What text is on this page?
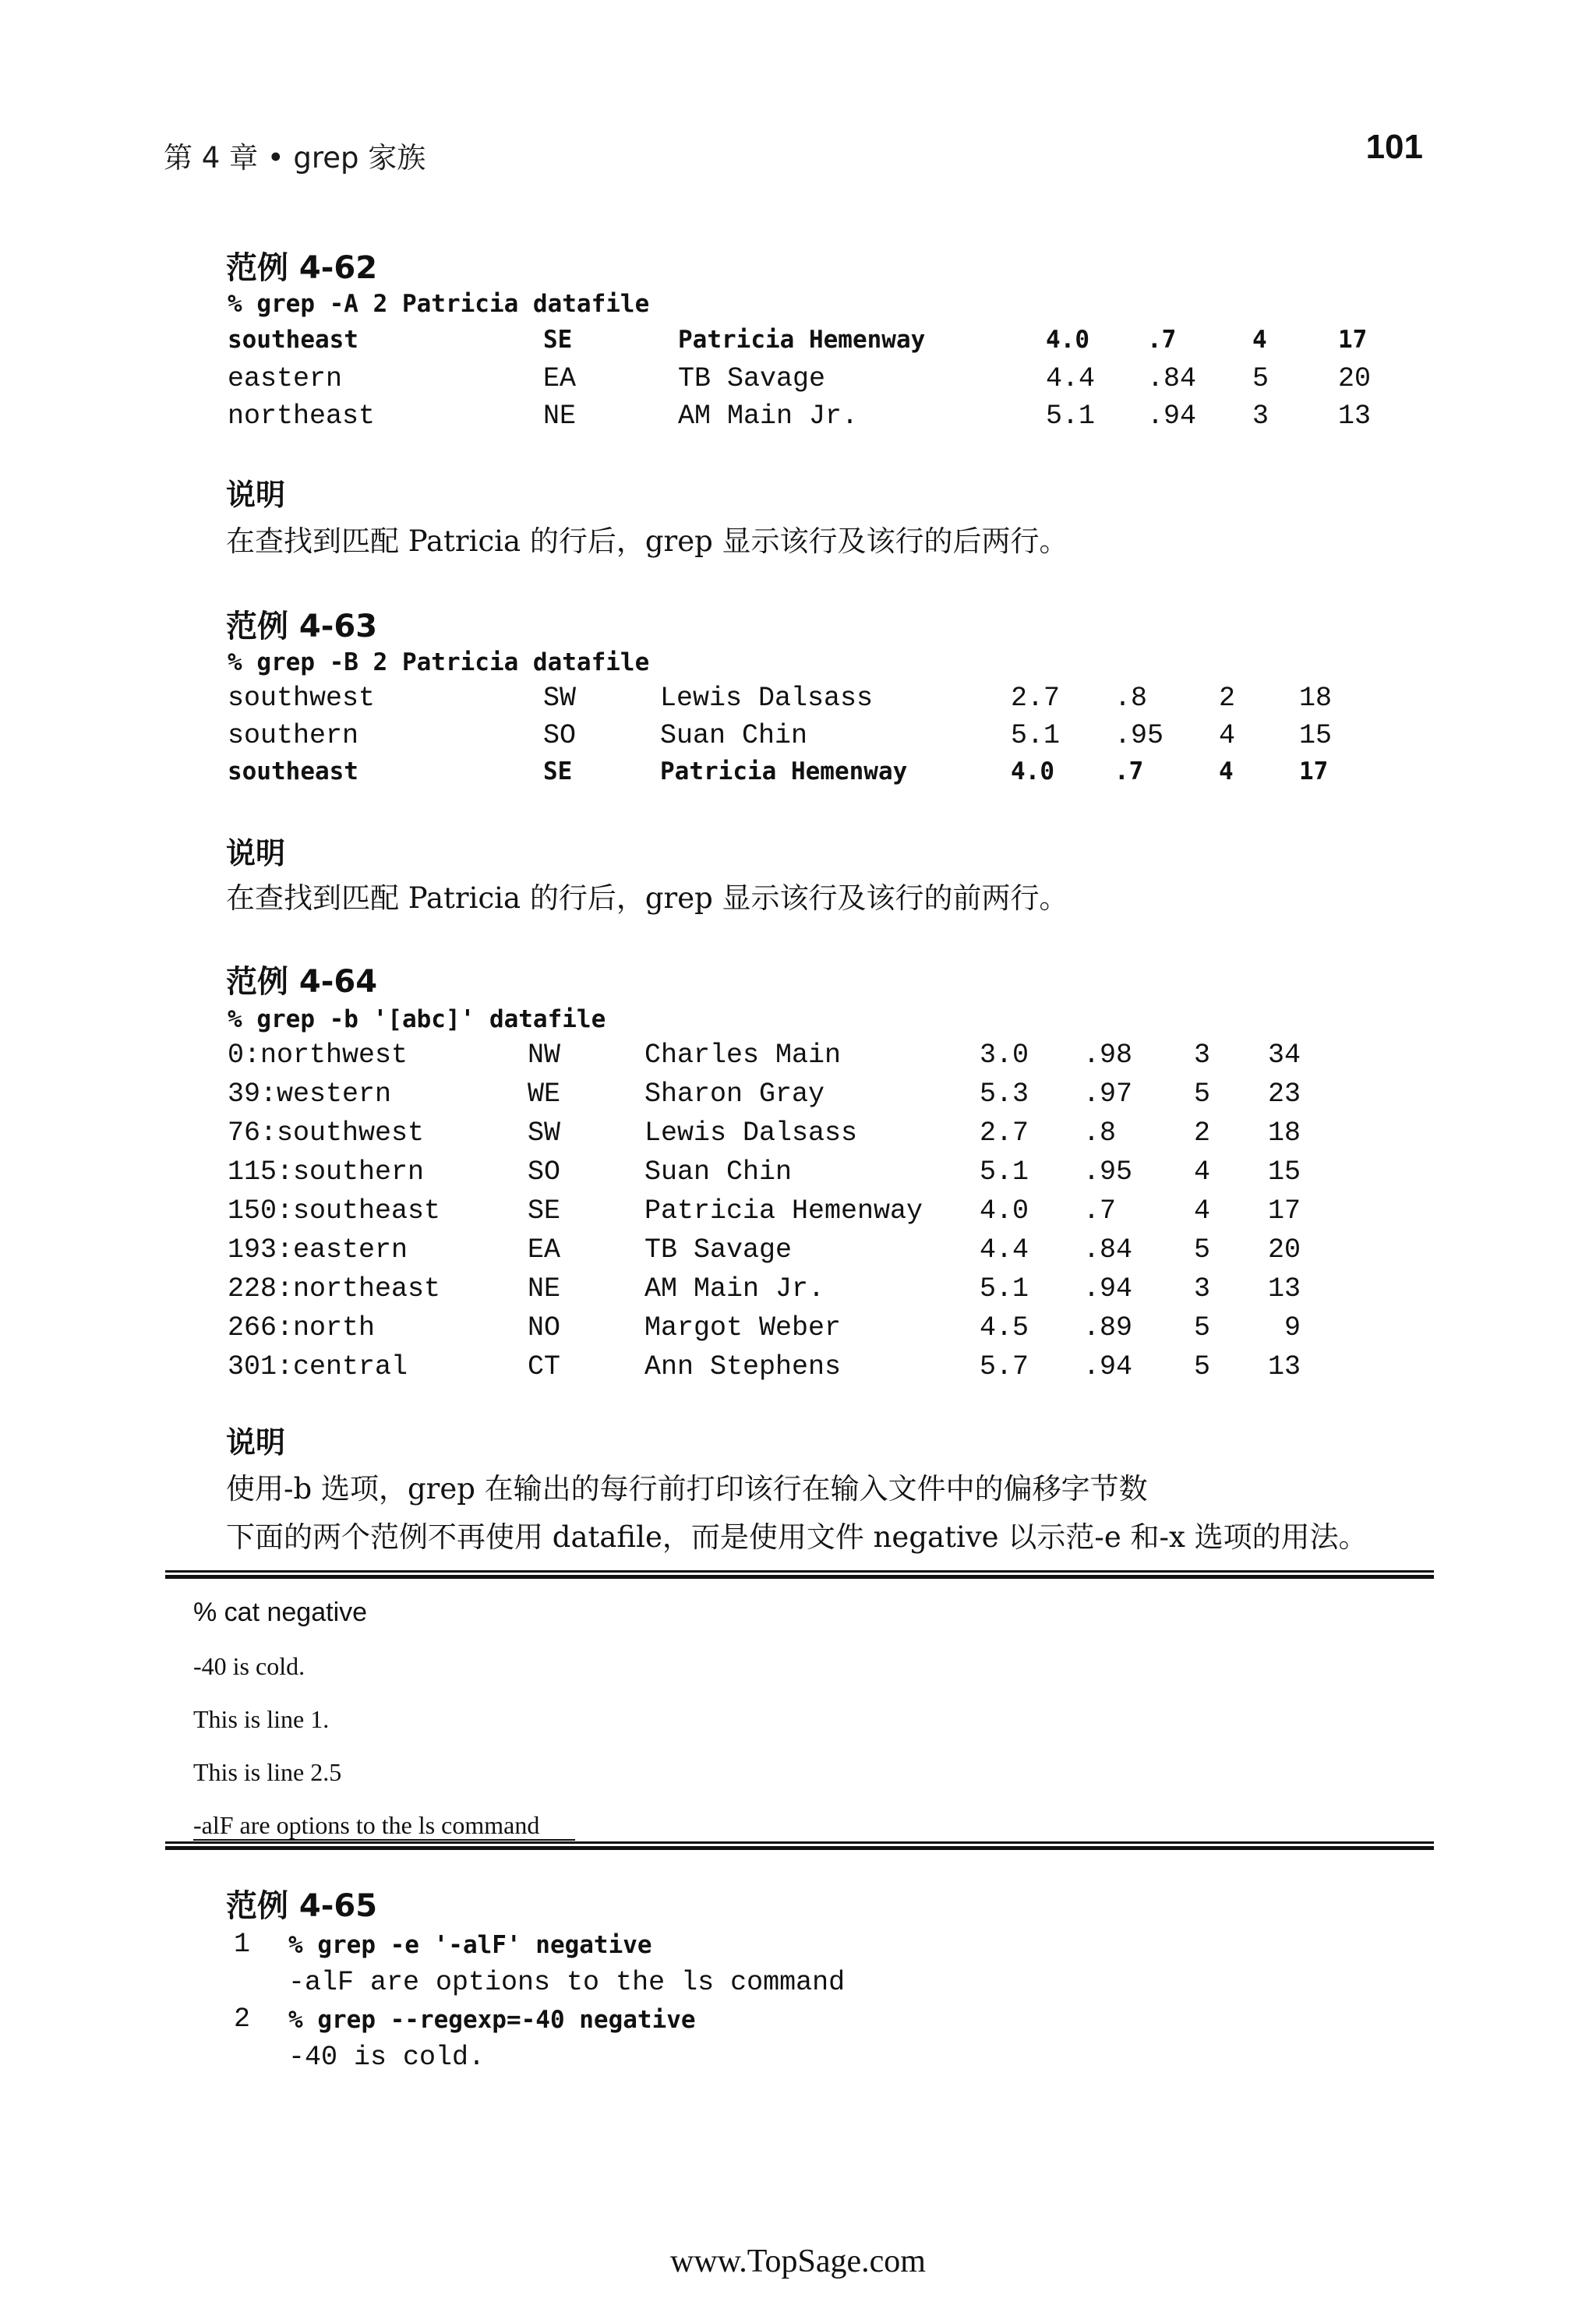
第 4 章 • grep 家族	101
范例 4-62
% grep -A 2 Patricia datafile
southeast	SE	Patricia Hemenway	4.0 .7	4	17
eastern	EA	TB Savage	4.4 .84 5	20
northeast	NE	AM Main Jr.	5.1 .94 3	13
说明
在查找到匹配 Patricia 的行后，grep 显示该行及该行的后两行。
范例 4-63
% grep -B 2 Patricia datafile
southwest	SW	Lewis Dalsass	2.7 .8	2 18
southern	SO	Suan Chin	5.1 .95 4 15
southeast	SE	Patricia Hemenway	4.0 .7	4	17
说明
在查找到匹配 Patricia 的行后，grep 显示该行及该行的前两行。
范例 4-64
% grep -b '[abc]' datafile
0:northwest	NW	Charles Main	3.0 .98 3 34
39:western	WE	Sharon Gray	5.3 .97 5 23
76:southwest	SW	Lewis Dalsass	2.7 .8	2 18
115:southern	SO	Suan Chin	5.1 .95 4 15
150:southeast	SE	Patricia Hemenway 4.0 .7	4 17
193:eastern	EA	TB Savage	4.4 .84 5 20
228:northeast	NE	AM Main Jr.	5.1 .94 3 13
266:north	NO	Margot Weber	4.5 .89 5	9
301:central	CT	Ann Stephens	5.7 .94 5 13
说明
使用-b 选项，grep 在输出的每行前打印该行在输入文件中的偏移字节数
下面的两个范例不再使用 datafile，而是使用文件 negative 以示范-e 和-x 选项的用法。
% cat negative
-40 is cold.
This is line 1.
This is line 2.5
-alF are options to the ls command
范例 4-65
1 % grep -e '-alF' negative
-alF are options to the ls command
2 % grep --regexp=-40 negative
-40 is cold.
www.TopSage.com
